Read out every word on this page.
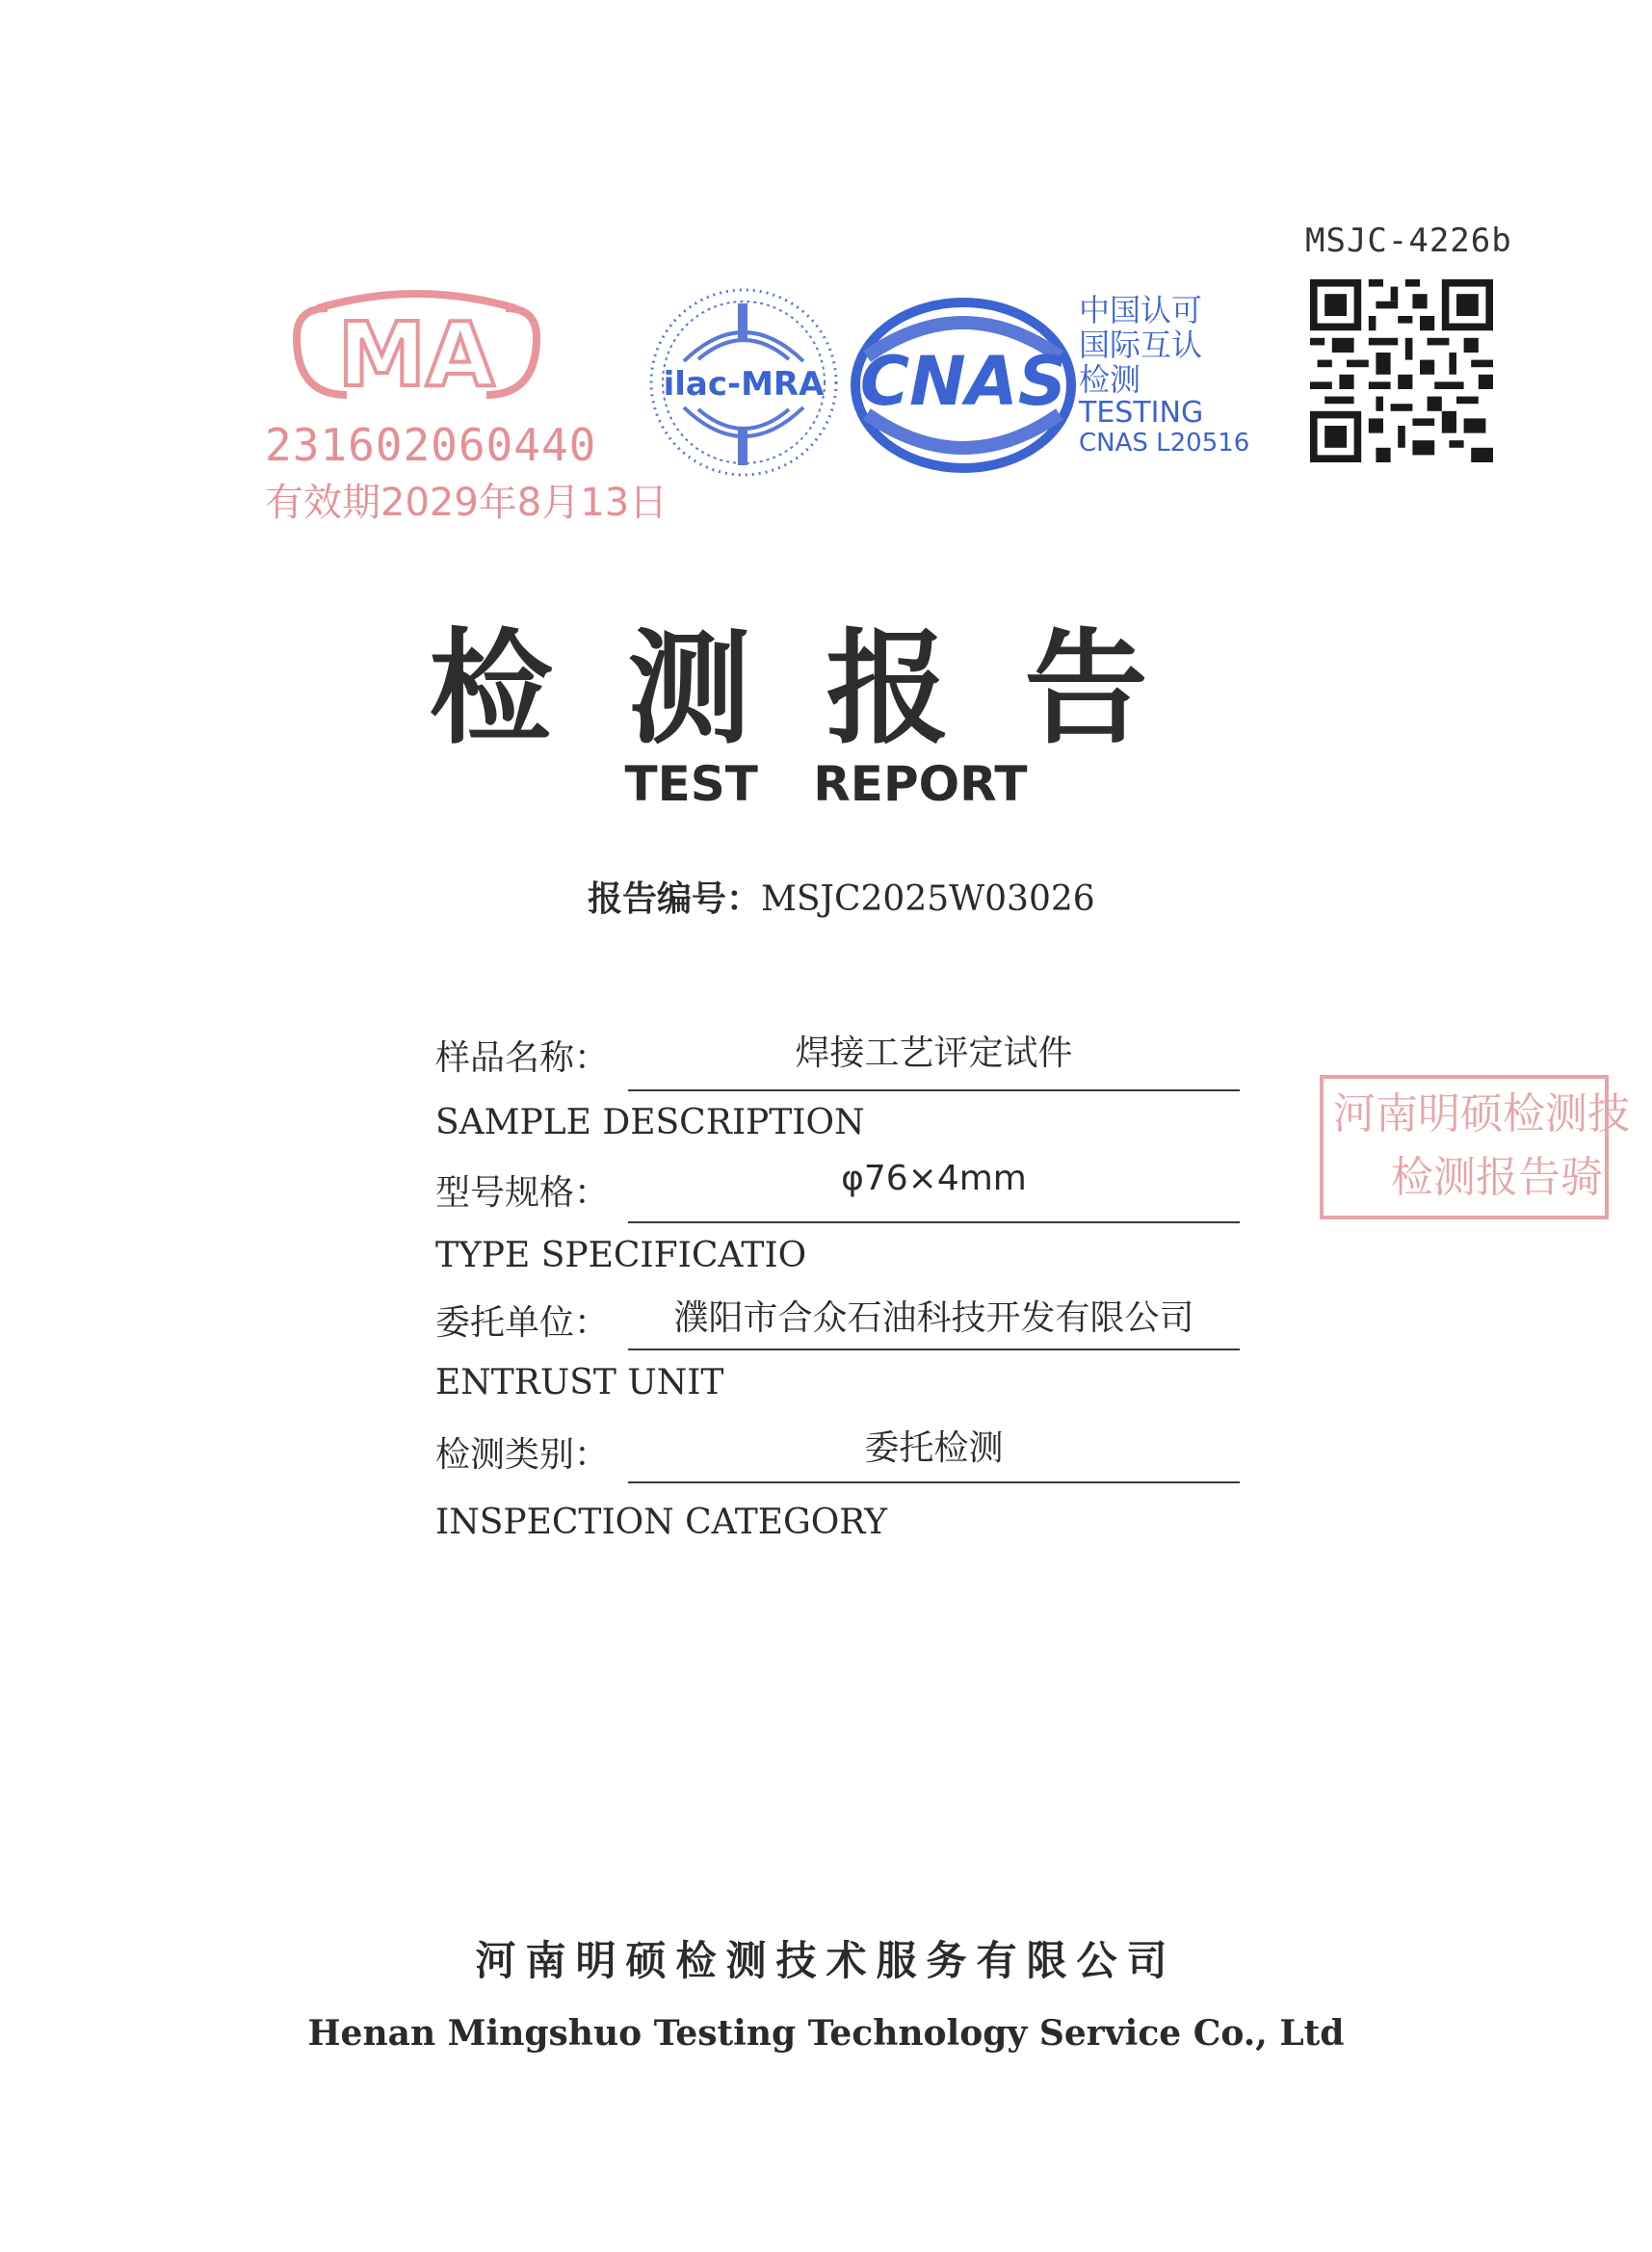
MSJC-4226b
MA
231602060440
有效期2029年8月13日
ilac-MRA CNAS
中国认可
国际互认
检测
TESTING
CNAS L20516
检测报告
TEST REPORT
报告编号：MSJC2025W03026
样品名称：	焊接工艺评定试件
SAMPLE DESCRIPTION
型号规格：	φ76×4mm
TYPE SPECIFICATIO
委托单位：	濮阳市合众石油科技开发有限公司
ENTRUST UNIT
检测类别：	委托检测
INSPECTION CATEGORY
河南明硕检测技
检测报告骑
河南明硕检测技术服务有限公司
Henan Mingshuo Testing Technology Service Co., Ltd
